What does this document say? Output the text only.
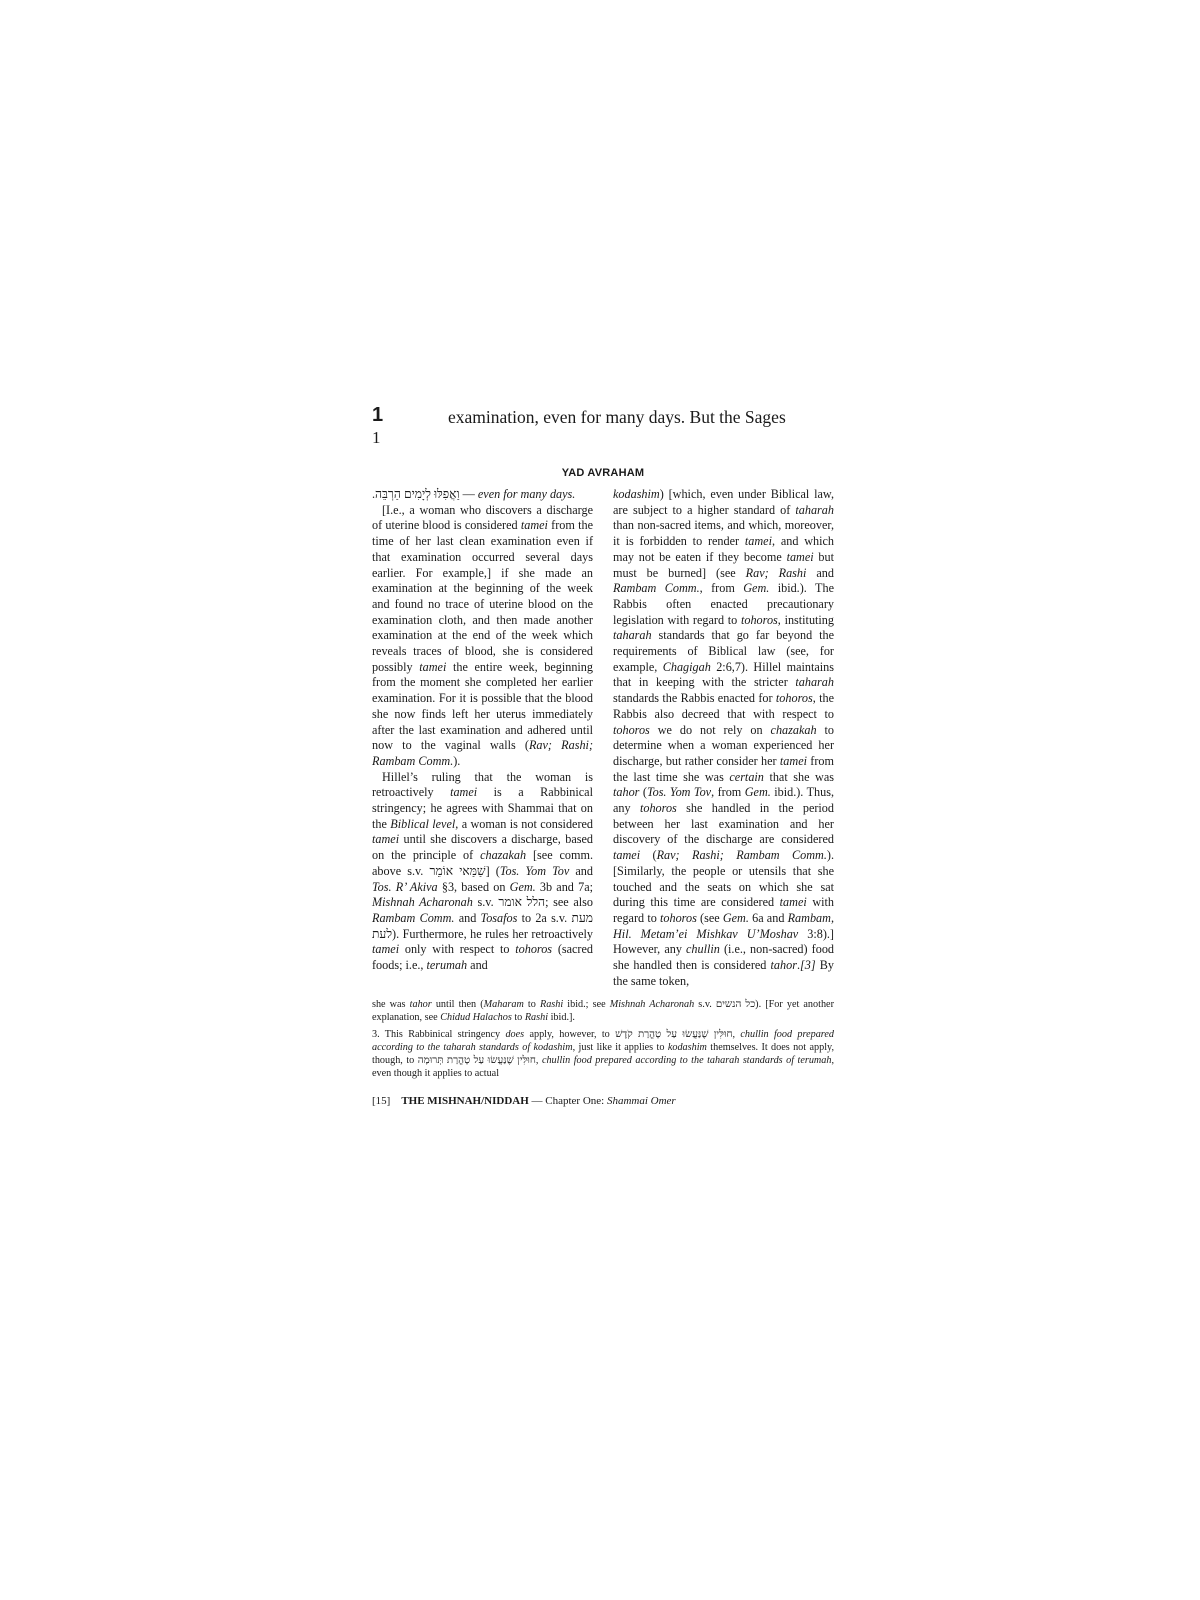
1
1
examination, even for many days. But the Sages
YAD AVRAHAM

וַאֲפִלּוּ לְיָמִים הַרְבֵּה. — even for many days.

[I.e., a woman who discovers a discharge of uterine blood is considered tamei from the time of her last clean examination even if that examination occurred several days earlier. For example,] if she made an examination at the beginning of the week and found no trace of uterine blood on the examination cloth, and then made another examination at the end of the week which reveals traces of blood, she is considered possibly tamei the entire week, beginning from the moment she completed her earlier examination. For it is possible that the blood she now finds left her uterus immediately after the last examination and adhered until now to the vaginal walls (Rav; Rashi; Rambam Comm.).

Hillel’s ruling that the woman is retroactively tamei is a Rabbinical stringency; he agrees with Shammai that on the Biblical level, a woman is not considered tamei until she discovers a discharge, based on the principle of chazakah [see comm. above s.v. שַׁמַּאי אוֹמֵר] (Tos. Yom Tov and Tos. R’ Akiva §3, based on Gem. 3b and 7a; Mishnah Acharonah s.v. הלל אומר; see also Rambam Comm. and Tosafos to 2a s.v. מעת לעת). Furthermore, he rules her retroactively tamei only with respect to tohoros (sacred foods; i.e., terumah and

kodashim) [which, even under Biblical law, are subject to a higher standard of taharah than non-sacred items, and which, moreover, it is forbidden to render tamei, and which may not be eaten if they become tamei but must be burned] (see Rav; Rashi and Rambam Comm., from Gem. ibid.). The Rabbis often enacted precautionary legislation with regard to tohoros, instituting taharah standards that go far beyond the requirements of Biblical law (see, for example, Chagigah 2:6,7). Hillel maintains that in keeping with the stricter taharah standards the Rabbis enacted for tohoros, the Rabbis also decreed that with respect to tohoros we do not rely on chazakah to determine when a woman experienced her discharge, but rather consider her tamei from the last time she was certain that she was tahor (Tos. Yom Tov, from Gem. ibid.). Thus, any tohoros she handled in the period between her last examination and her discovery of the discharge are considered tamei (Rav; Rashi; Rambam Comm.). [Similarly, the people or utensils that she touched and the seats on which she sat during this time are considered tamei with regard to tohoros (see Gem. 6a and Rambam, Hil. Metam’ei Mishkav U’Moshav 3:8).] However, any chullin (i.e., non-sacred) food she handled then is considered tahor.[3] By the same token,

she was tahor until then (Maharam to Rashi ibid.; see Mishnah Acharonah s.v. כל הנשים). [For yet another explanation, see Chidud Halachos to Rashi ibid.].

3. This Rabbinical stringency does apply, however, to חוּלִּין שֶׁנַּעֲשׂוּ עַל טָהֳרַת קֹדֶשׁ, chullin food prepared according to the taharah standards of kodashim, just like it applies to kodashim themselves. It does not apply, though, to חוּלִּין שֶׁנַּעֲשׂוּ עַל טָהֳרַת תְּרוּמָה, chullin food prepared according to the taharah standards of terumah, even though it applies to actual

[15] THE MISHNAH/NIDDAH — Chapter One: Shammai Omer
